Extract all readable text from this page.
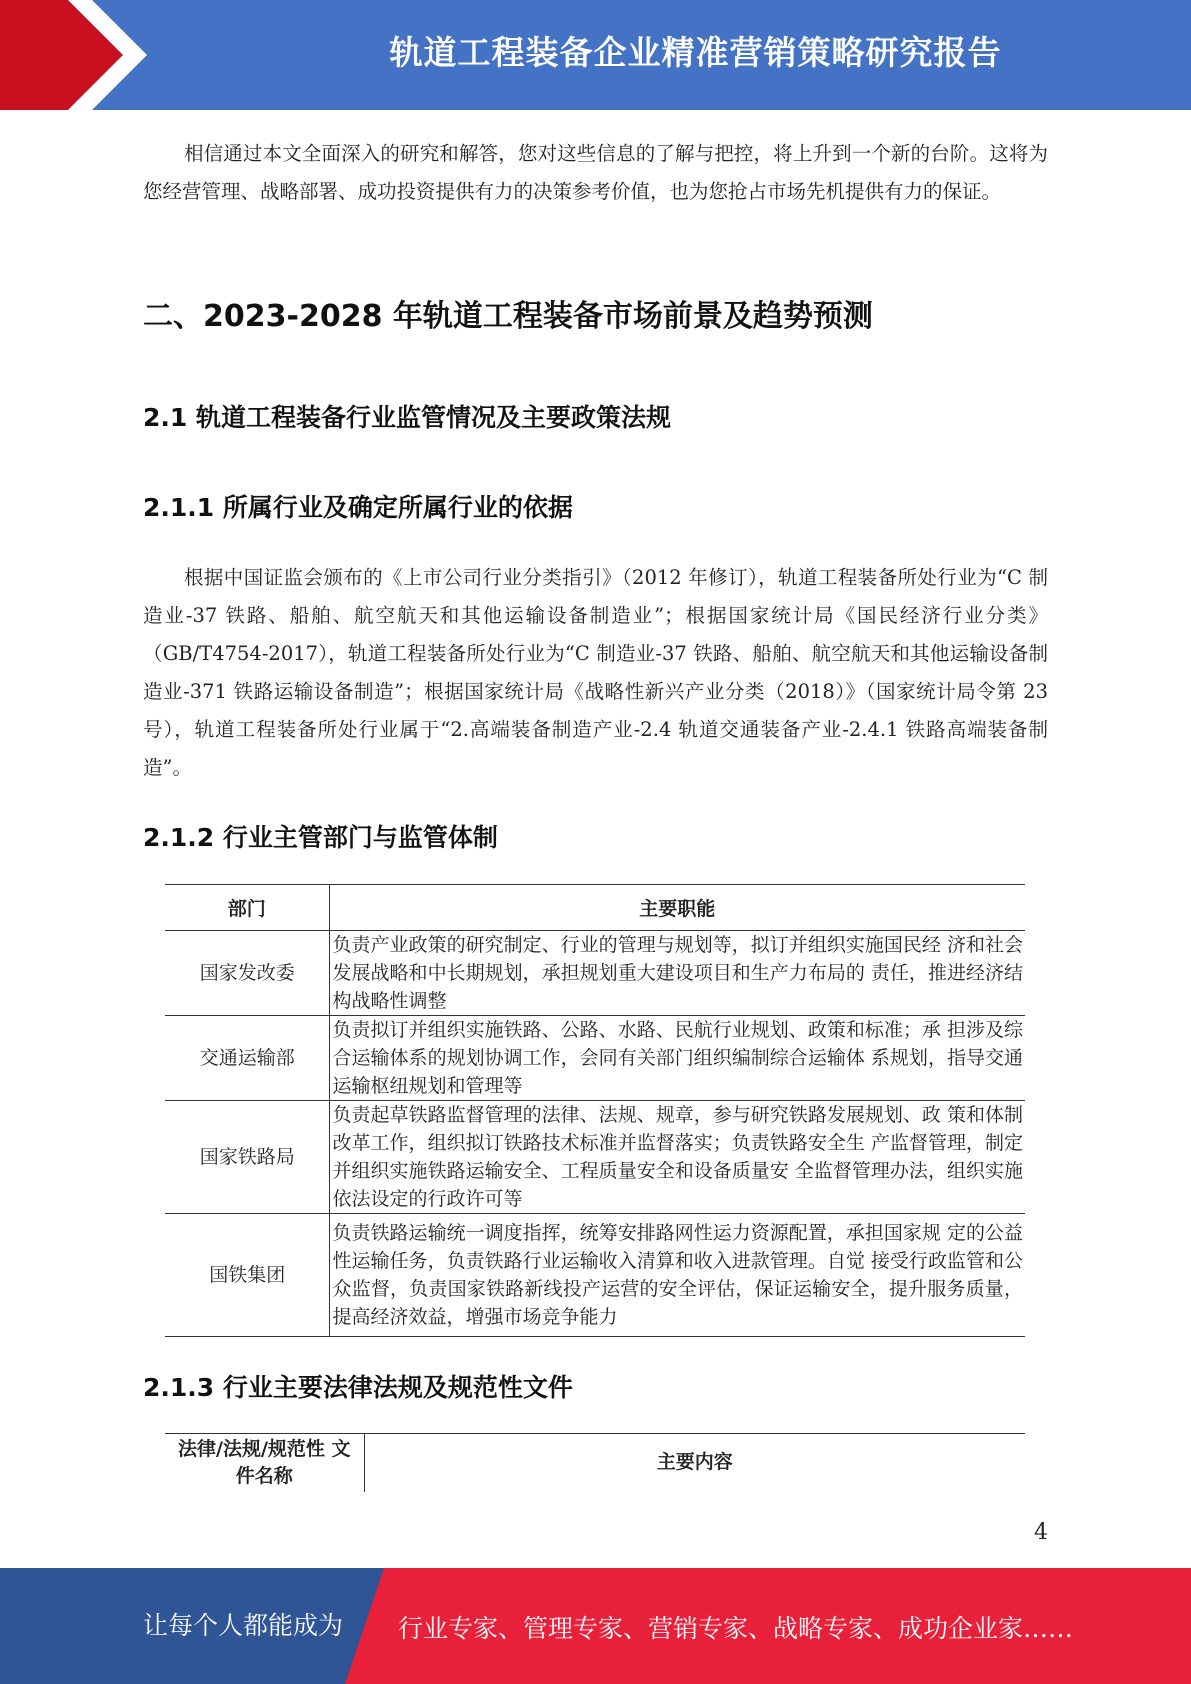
轨道工程装备企业精准营销策略研究报告

相信通过本文全面深入的研究和解答，您对这些信息的了解与把控，将上升到一个新的台阶。这将为您经营管理、战略部署、成功投资提供有力的决策参考价值，也为您抢占市场先机提供有力的保证。

二、2023-2028 年轨道工程装备市场前景及趋势预测
2.1 轨道工程装备行业监管情况及主要政策法规
2.1.1 所属行业及确定所属行业的依据

根据中国证监会颁布的《上市公司行业分类指引》（2012 年修订），轨道工程装备所处行业为“C 制造业-37 铁路、船舶、航空航天和其他运输设备制造业”；根据国家统计局《国民经济行业分类》（GB/T4754-2017），轨道工程装备所处行业为“C 制造业-37 铁路、船舶、航空航天和其他运输设备制造业-371 铁路运输设备制造”；根据国家统计局《战略性新兴产业分类（2018）》（国家统计局令第 23 号），轨道工程装备所处行业属于“2.高端装备制造产业-2.4 轨道交通装备产业-2.4.1 铁路高端装备制造”。

2.1.2 行业主管部门与监管体制
部门	主要职能
国家发改委	负责产业政策的研究制定、行业的管理与规划等，拟订并组织实施国民经 济和社会发展战略和中长期规划，承担规划重大建设项目和生产力布局的 责任，推进经济结构战略性调整
交通运输部	负责拟订并组织实施铁路、公路、水路、民航行业规划、政策和标准；承 担涉及综合运输体系的规划协调工作，会同有关部门组织编制综合运输体 系规划，指导交通运输枢纽规划和管理等
国家铁路局	负责起草铁路监督管理的法律、法规、规章，参与研究铁路发展规划、政 策和体制改革工作，组织拟订铁路技术标准并监督落实；负责铁路安全生 产监督管理，制定并组织实施铁路运输安全、工程质量安全和设备质量安 全监督管理办法，组织实施依法设定的行政许可等
国铁集团	负责铁路运输统一调度指挥，统筹安排路网性运力资源配置，承担国家规 定的公益性运输任务，负责铁路行业运输收入清算和收入进款管理。自觉 接受行政监管和公众监督，负责国家铁路新线投产运营的安全评估，保证运输安全，提升服务质量，提高经济效益，增强市场竞争能力
2.1.3 行业主要法律法规及规范性文件
法律/法规/规范性 文件名称	主要内容
4
让每个人都能成为 行业专家、管理专家、营销专家、战略专家、成功企业家……
